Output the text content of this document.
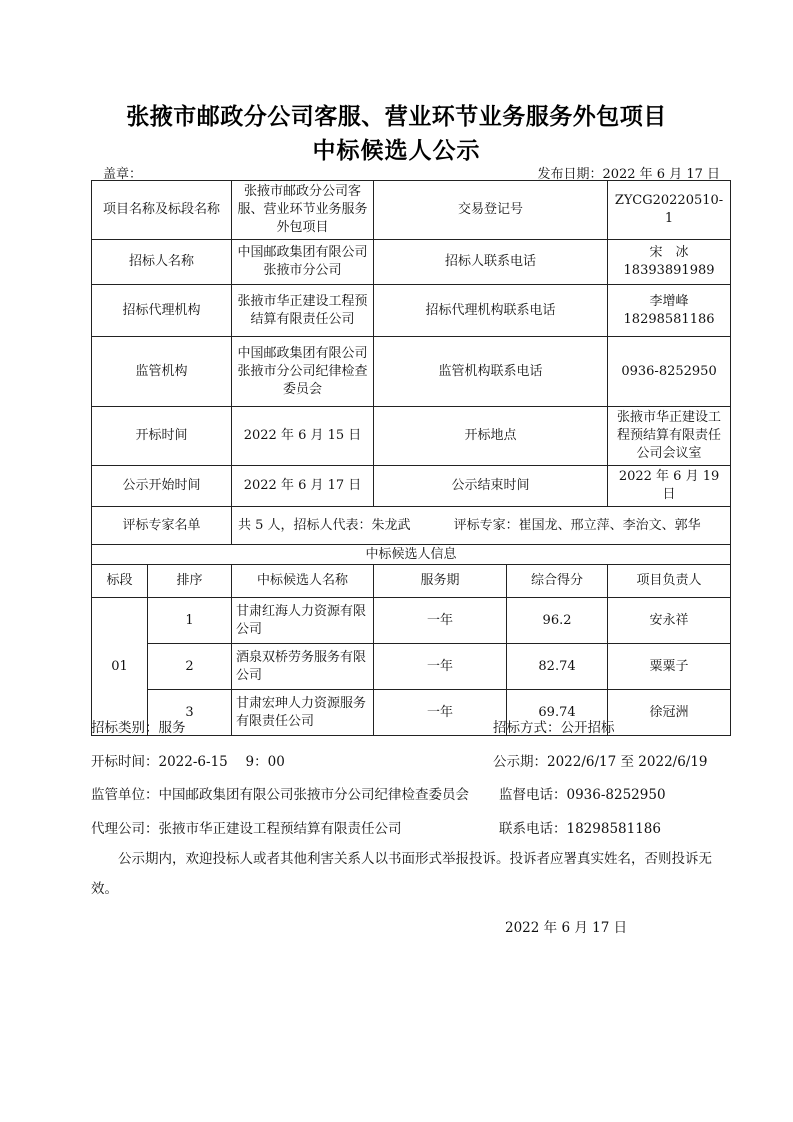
张掖市邮政分公司客服、营业环节业务服务外包项目
中标候选人公示
盖章：	发布日期：2022 年 6 月 17 日
项目名称及标段名称		张掖市邮政分公司客服、营业环节业务服务外包项目	交易登记号		ZYCG20220510-1
招标人名称		中国邮政集团有限公司张掖市分公司	招标人联系电话		宋　冰 18393891989
招标代理机构		张掖市华正建设工程预结算有限责任公司	招标代理机构联系电话		李增峰 18298581186
监管机构		中国邮政集团有限公司张掖市分公司纪律检查委员会	监管机构联系电话		0936-8252950
开标时间		2022 年 6 月 15 日	开标地点		张掖市华正建设工程预结算有限责任公司会议室
公示开始时间		2022 年 6 月 17 日	公示结束时间		2022 年 6 月 19 日
评标专家名单		共 5 人，招标人代表：朱龙武　　　 评标专家：崔国龙、邢立萍、李治文、郭华			
中标候选人信息					
标段	排序	中标候选人名称	服务期	综合得分	项目负责人
01	1	甘肃红海人力资源有限公司	一年	96.2	安永祥
	2	酒泉双桥劳务服务有限公司	一年	82.74	粟粟子
	3	甘肃宏珅人力资源服务有限责任公司	一年	69.74	徐冠洲
招标类别：服务	招标方式：公开招标
开标时间：2022-6-15　 9：00	公示期：2022/6/17 至 2022/6/19
监管单位：中国邮政集团有限公司张掖市分公司纪律检查委员会 监督电话：0936-8252950
代理公司：张掖市华正建设工程预结算有限责任公司	联系电话：18298581186
公示期内，欢迎投标人或者其他利害关系人以书面形式举报投诉。投诉者应署真实姓名，否则投诉无效。
2022 年 6 月 17 日
